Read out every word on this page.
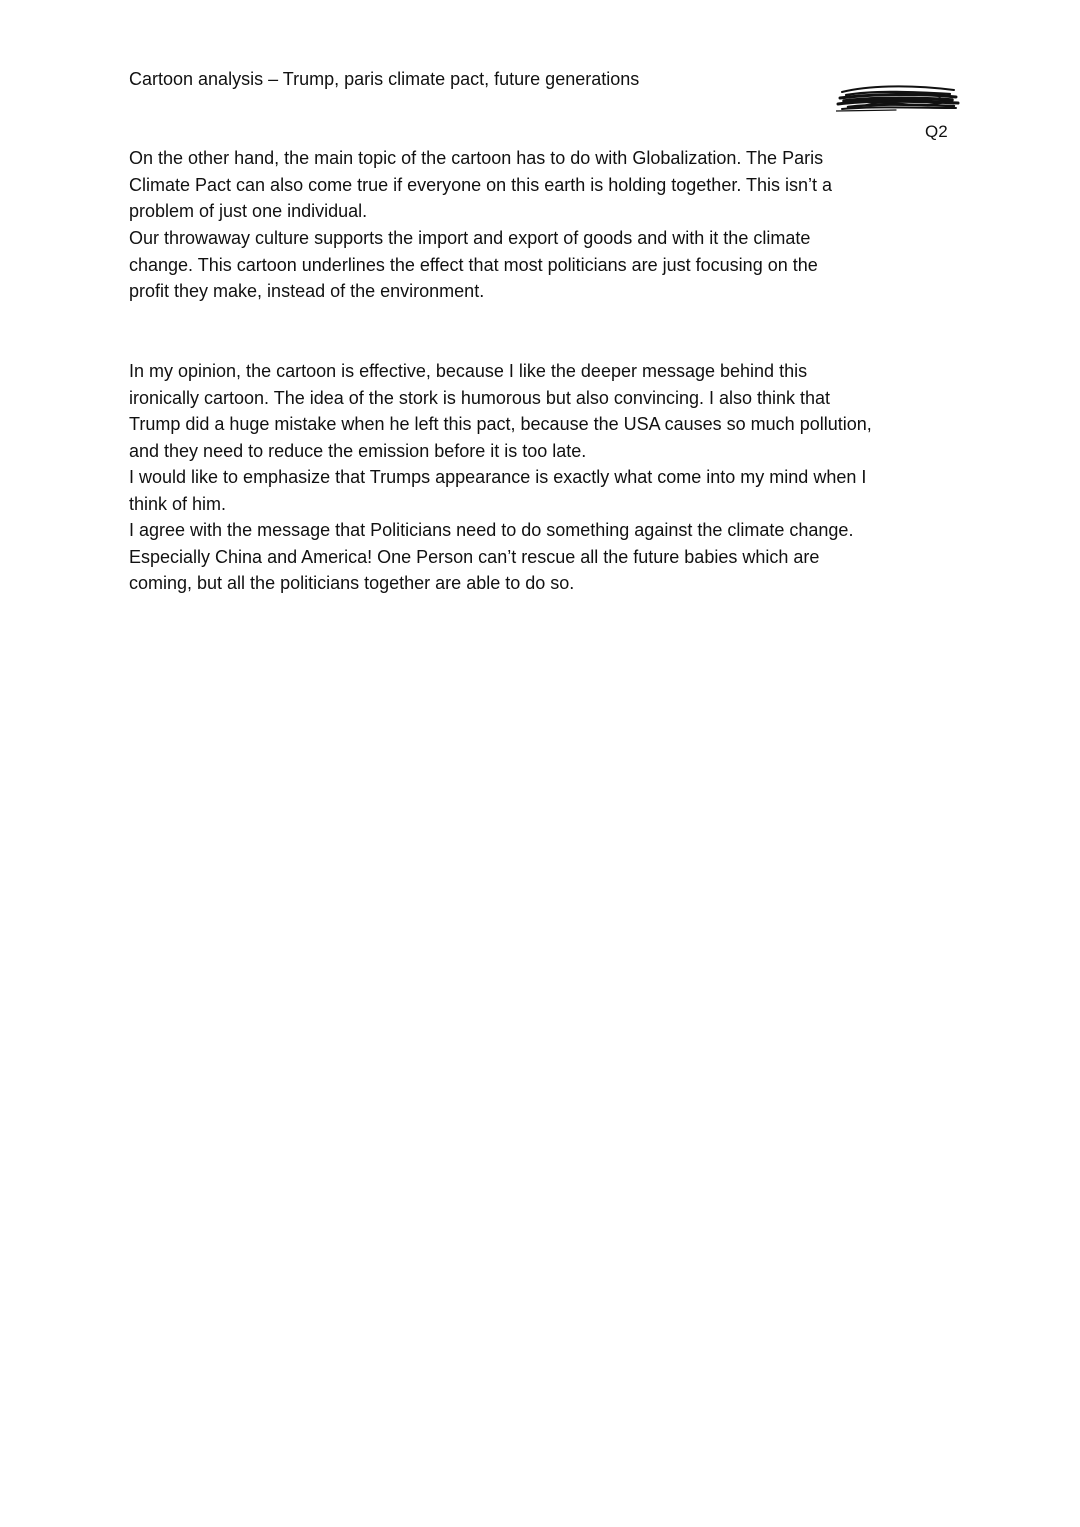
Cartoon analysis – Trump, paris climate pact, future generations
Q2

On the other hand, the main topic of the cartoon has to do with Globalization. The Paris
Climate Pact can also come true if everyone on this earth is holding together. This isn’t a
problem of just one individual.

Our throwaway culture supports the import and export of goods and with it the climate
change. This cartoon underlines the effect that most politicians are just focusing on the
profit they make, instead of the environment.

In my opinion, the cartoon is effective, because I like the deeper message behind this
ironically cartoon. The idea of the stork is humorous but also convincing. I also think that
Trump did a huge mistake when he left this pact, because the USA causes so much pollution,
and they need to reduce the emission before it is too late.

I would like to emphasize that Trumps appearance is exactly what come into my mind when I
think of him.

I agree with the message that Politicians need to do something against the climate change.
Especially China and America! One Person can’t rescue all the future babies which are
coming, but all the politicians together are able to do so.
